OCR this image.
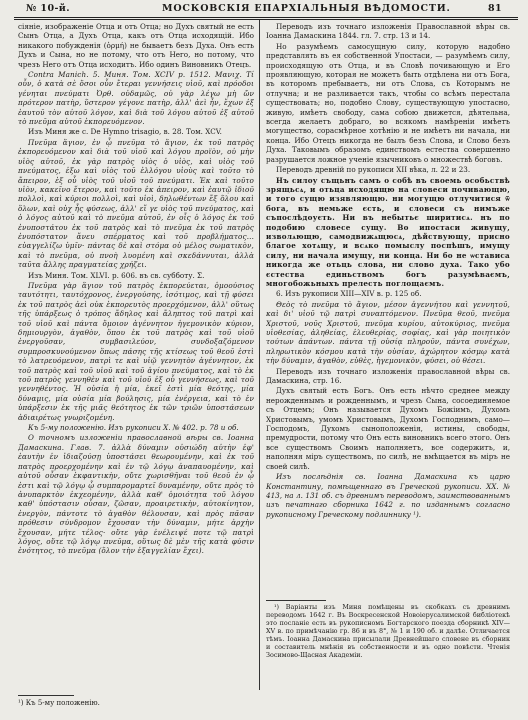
№ 10-й.	МОСКОВСКІЯ ЕПАРХІАЛЬНЫЯ ВѢДОМОСТИ.	81

сіяніе, изображеніе Отца и отъ Отца; но Духъ святый не есть Сынъ Отца, а Духъ Отца, какъ отъ Отца исходящій. Ибо никакого побужденія (ὁρμή) не бываетъ безъ Духа. Онъ есть Духъ и Сына, но не потому, что отъ Него, но потому, что чрезъ Него отъ Отца исходитъ. Ибо одинъ Виновникъ Отецъ.

Contra Manich. 5. Миня. Том. XCIV р. 1512. Μανιχ. Τί οὖν, ὁ κατὰ σὲ ὅσοι οὖν ἔτεραι γεννήσεις υἱοῦ, καὶ πρόοδοι γένηται πνεύματι Ὀρθ. οὐδαμῶς, οὐ γὰρ λέγω μὴ ὤν πρότερον πατὴρ, ὕστερον γέγονε πατὴρ, ἀλλ' ἀεὶ ἦν, ἔχων ἐξ ἑαυτοῦ τὸν αὐτοῦ λόγον, καὶ διὰ τοῦ λόγου αὐτοῦ ἐξ αὐτοῦ τὸ πνεῦμα αὐτοῦ ἐκπορευόμενον.

Изъ Миня же с. De Hymno trisagio, в. 28. Том. XCV.

Πνεῦμα ἅγιον, ἐν ᾧ πνεῦμα τὸ ἅγιον, ἐκ τοῦ πατρὸς ἐκπορευόμενον καὶ διὰ τοῦ υἱοῦ καὶ λόγου προϊὸν, οὐ μὴν υἱὸς αὐτοῦ, ἐκ γὰρ πατρὸς υἱὸς ὁ υἱὸς, καὶ υἱὸς τοῦ πνεύματος, ἐξω καὶ υἱὸς τοῦ ἐλλόγου υἱοὺς καὶ τοῦτο τὸ ἄπειρον, ἐξ οὗ υἱὸς τοῦ υἱοῦ τοῦ πνεύματι. Ἐκ καὶ τοῦτο υἱὸν, κακεῖνο ἕτερον, καὶ τοῦτο ἐκ ἀπειρον, καὶ ἐαυτῷ ἰδιοῦ πολλοὶ, καὶ κύριοι πολλοὶ, καὶ υἱοὶ, δηλωθέντων ἔξ ὅλου καὶ ὅλων, καὶ οὐχ ἧς φύσεως, ἀλλ' εἴ γε υἱὸς τοῦ πνεύματος, καὶ ὁ λόγος αὐτοῦ καὶ τὸ πνεῦμα αὐτοῦ, ἐν οἷς ὁ λόγος ἐκ τοῦ ἐνυποστάτου ἐκ τοῦ πατρὸς καὶ τὸ πνεῦμα ἐκ τοῦ πατρὸς ἐνυπόστατον ἄνευ σπέρματος καὶ τοῦ προβλήματος... εὐαγγελίζω ὑμῖν· πάντας δὲ καὶ στόμα οὐ μέλος σωματικὸν, καὶ τὸ πνεῦμα, οὐ πνοὴ λυομένη καὶ σκεδάννυται, ἀλλὰ ταῦτα ἄλλης πραγματείας χρήζει.

Изъ Миня. Том. XLVI. р. 606. въ св. субботу. Σ.

Πνεῦμα γὰρ ἅγιον τοῦ πατρὸς ἐκπορεύεται, ὁμοούσιος ταυτότητι, ταυτόχρονος, ἐνεργούσης, ἰσότιμος, καὶ τῇ φύσει ἐκ τοῦ πατρὸς ἀεὶ οὐκ ἐκπορευτὸς προερχόμενον, ἀλλ' οὕτως τῆς ὑπάρξεως ὁ τρόπος ἄδηλος καὶ ἄληπτος τοῦ πατρὶ καὶ τοῦ υἱοῦ καὶ πάντα ὅμοιον ἀγέννητον ἡγεμονικὸν κύριον, δημιουργὸν, ἀγαθὸν, ὅπου ἐκ τοῦ πατρὸς καὶ τοῦ υἱοῦ ἐνεργοῦσαν, συμβασιλεύον, συνδοξαζόμενον συμπροσκυνούμενον ὅπως πάσης τῆς κτίσεως τοῦ θεοῦ ἐστὶ τὸ λατρευόμενον, πατρὶ τε καὶ υἱῷ γεννητὸν ἀγέννητον, ἐκ τοῦ πατρὸς καὶ τοῦ υἱοῦ καὶ τοῦ ἁγίου πνεύματος, καὶ τὸ ἐκ τοῦ πατρὸς γεννηθὲν καὶ τοῦ υἱοῦ ἐξ οὗ γεννήσεως, καὶ τοῦ γεννηθέντος. Ἡ οὐσία ἡ μία, ἐκεῖ ἐστὶ μία θεότης, μία δύναμις, μία οὐσία μία βούλησις, μία ἐνέργεια, καὶ τὸ ἐν ὑπάρξεσιν ἐκ τῆς μιᾶς θεότητος ἐκ τῶν τριῶν ὑποστάσεων ἀδιαιρέτως γνωριζομένη.

Къ 5-му положенію. Изъ рукописи X. № 402. р. 78 и об.

О точномъ изложеніи православной вѣры св. Іоанна Дамаскина. Глав. 7. ἀλλὰ δύναμιν οὐσιώδη αὐτὴν ἐφ' ἑαυτὴν ἐν ἰδιαζούσῃ ὑποστάσει θεωρουμένην, καὶ ἐκ τοῦ πατρὸς προερχομένην καὶ ἐν τῷ λόγῳ ἀναπαυομένην, καὶ αὐτοῦ οὖσαν ἐκφαντικὴν, οὔτε χωρισθῆναι τοῦ θεοῦ ἐν ᾧ ἐστι καὶ τῷ λόγῳ ᾧ συμπαρομαρτεῖ δυναμένην, οὔτε πρὸς τὸ ἀνυπαρκτὸν ἐκχεομένην, ἀλλὰ καθ' ὁμοιότητα τοῦ λόγου καθ' ὑπόστασιν οὖσαν, ζῶσαν, προαιρετικὴν, αὐτοκίνητον, ἐνεργὸν, πάντοτε τὸ ἀγαθὸν θέλουσαν, καὶ πρὸς πᾶσαν πρόθεσιν σύνδρομον ἔχουσαν τὴν δύναμιν, μήτε ἀρχὴν ἔχουσαν, μήτε τέλος· οὔτε γὰρ ἐνέλειψέ ποτε τῷ πατρὶ λόγος, οὔτε τῷ λόγῳ πνεῦμα, οὕτως δὲ μὲν τῆς κατὰ φύσιν ἑνότητος, τὸ πνεῦμα (ὅλον τὴν ἐξαγγελίαν ἔχει).

¹) Къ 5-му положенію.

Переводъ изъ точнаго изложенія Православной вѣры св. Іоанна Дамаскина 1844. гл. 7. стр. 13 и 14.

Но разумѣемъ самосущную силу, которую надобно представлять въ ея собственной Упостаси, — разумѣемъ силу, происходящую отъ Отца, и въ Словѣ почивающую и Его проявляющую, которая не можетъ быть отдѣлена ни отъ Бога, въ которомъ пребываетъ, ни отъ Слова, съ Которымъ не отлучна; и не разливается такъ, чтобы со всѣмъ перестала существовать; но, подобно Слову, существующую упостасно, живую, имѣетъ свободу, сама собою движется, дѣятельна, всегда желаетъ добраго, во всякомъ намѣреніи имѣетъ могущество, сорасмѣрное хотѣнію и не имѣетъ ни начала, ни конца. Ибо Отецъ никогда не былъ безъ Слова, и Слово безъ Духа. Таковымъ образомъ единствомъ естества совершенно разрушается ложное ученіе язычниковъ о множествѣ боговъ.

Переводъ древній по рукописи XII вѣка, л. 22 и 23.

Нъ силоу същьнъ самъ о собѣ въ своемь особьствѣ зрящьсѧ, и отьца исходящю на словеси почивающю, и того сущю изявляющю. ни могущю отлучитися ѿ бога, въ немьже єсть, и словеси съ нимъже съпослѣдоуєть. Ни въ небытьє ширитисѧ. нъ по подобию словесе сущу. Во ипостаси живущу, изволѧющю, самодвижѧщюсѧ, дѣйствующу, присно благое хотѧщу, и всѧко помыслу поспѣшъ, имущу силу, ни начала имущу, ни конца. Ни бо не ѡстависа никогда же отьць слова, ни слово духа. Тако убо єстества единьствомъ богъ разумѣваємъ, многобожьныхъ прелесть поглощаємъ.

6. Изъ рукописи XIII—XIV в. р. 125 об.

Θεὸς τὸ πνεῦμα τὸ ἅγιον, μέσον ἀγεννήτου καὶ γεννητοῦ, καὶ δι' υἱοῦ τῷ πατρὶ συναπτόμενον. Πνεῦμα θεοῦ, πνεῦμα Χριστοῦ, νοῦς Χριστοῦ, πνεῦμα κυρίου, αὐτοκύριος, πνεῦμα υἱοθεσίας, ἀληθείας, ἐλευθερίας, σοφίας, καὶ γὰρ ποιητικὸν τούτων ἁπάντων. πάντα τῇ οὐσίᾳ πληροῦν, πάντα συνέχων, πληρωτικὸν κόσμου κατὰ τὴν οὐσίαν, ἀχώρητον κόσμῳ κατὰ τὴν δύναμιν, ἀγαθὸν, εὐθὲς, ἡγεμονικὸν, φύσει, οὐ θέσει.

Переводъ изъ точнаго изложенія православной вѣры св. Дамаскина, стр. 16.

Духъ святый есть Богъ. Онъ есть нѣчто среднее между нерожденнымъ и рожденнымъ, и чрезъ Сына, сосоединяемое съ Отцемъ; Онъ называется Духомъ Божіимъ, Духомъ Христовымъ, умомъ Христовымъ, Духомъ Господнимъ, само—Господомъ, Духомъ сыноположенія, истины, свободы, премудрости, потому что Онъ есть виновникъ всего этого. Онъ все существомъ Своимъ наполняетъ, все содержитъ, и, наполняя міръ существомъ, по силѣ, не вмѣщается въ міръ не своей силѣ.

Изъ послѣднія св. Іоанна Дамаскина къ царю Константину, помѣщеннаго въ Греческой рукописи. XX. № 413, на л. 131 об. съ древнимъ переводомъ, заимствованнымъ изъ печатнаго сборника 1642 г. по изданнымъ согласно рукописному Греческому подлиннику ¹).

¹) Варіанты изъ Миня помѣщены въ скобкахъ съ древнимъ переводомъ 1642 г. Въ Воскресенской Новоіерусалимской библіотекѣ это посланіе есть въ рукописномъ Богтарского поезда сборникѣ XIV—XV в. по примѣчанію гр. 86 и въ 8°, № 1 и 190 об. и далѣе. Отличается тѣмъ. Іоанна Дамаскина присылали Древнейшаго словене въ сборник и составитель мнѣнія въ собственности и въ одно повѣсти. Чтенія Зосимово-Щасная Академіи.
